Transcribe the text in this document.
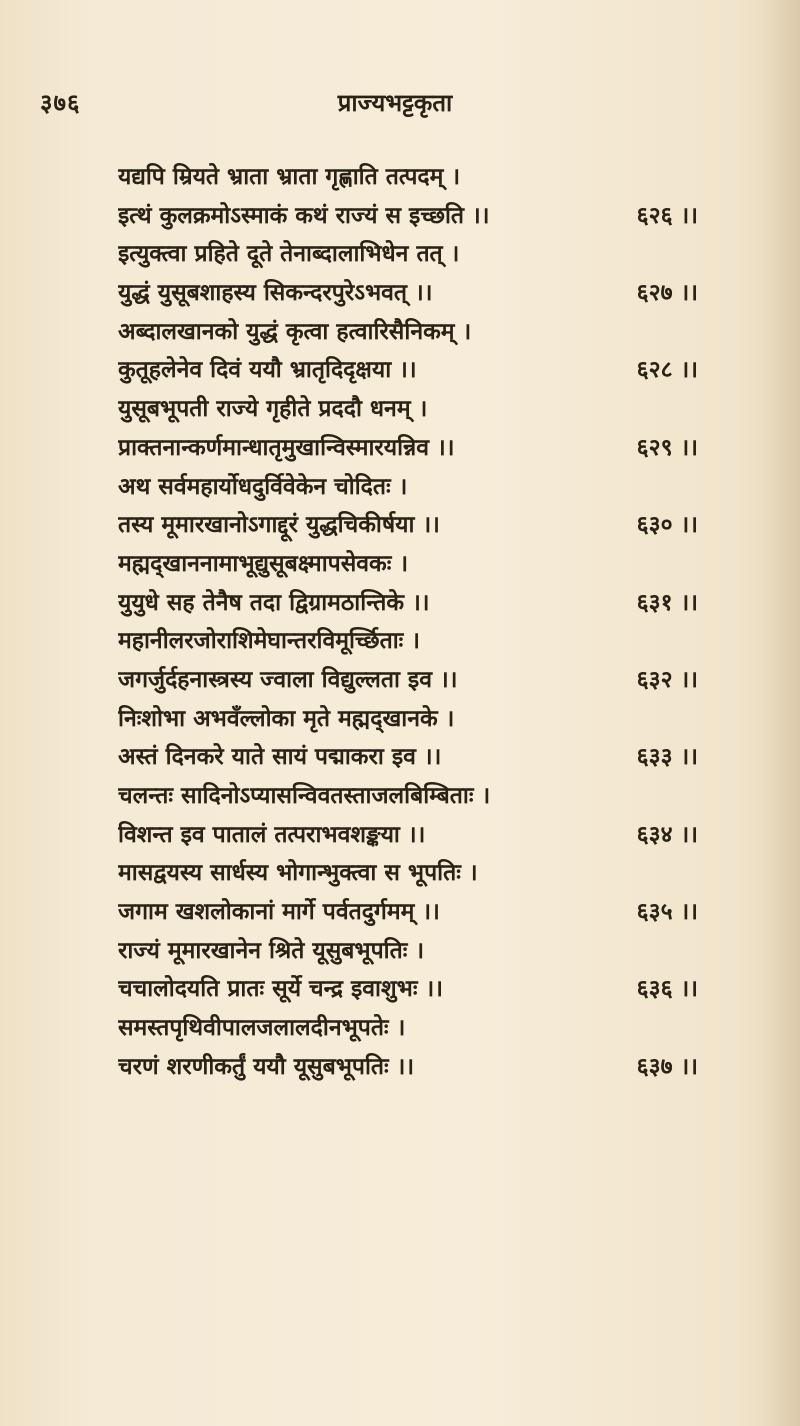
प्राज्यभट्टकृता
३७६
यद्यपि म्रियते भ्राता भ्राता गृह्णाति तत्पदम् ।
इत्थं कुलक्रमोऽस्माकं कथं राज्यं स इच्छति ।।	६२६ ।।
इत्युक्त्वा प्रहिते दूते तेनाब्दालाभिधेन तत् ।
युद्धं युसूबशाहस्य सिकन्दरपुरेऽभवत् ।।	६२७ ।।
अब्दालखानको युद्धं कृत्वा हत्वारिसैनिकम् ।
कुतूहलेनेव दिवं ययौ भ्रातृदिदृक्षया ।।	६२८ ।।
युसूबभूपती राज्ये गृहीते प्रददौ धनम् ।
प्राक्तनान्कर्णमान्धातृमुखान्विस्मारयन्निव ।।	६२९ ।।
अथ सर्वमहार्योधदुर्विवेकेन चोदितः ।
तस्य मूमारखानोऽगाद्दूरं युद्धचिकीर्षया ।।	६३० ।।
मह्मद्खाननामाभूद्युसूबक्ष्मापसेवकः ।
युयुधे सह तेनैष तदा द्विग्रामठान्तिके ।।	६३१ ।।
महानीलरजोराशिमेघान्तरविमूर्च्छिताः ।
जगर्जुर्दहनास्त्रस्य ज्वाला विद्युल्लता इव ।।	६३२ ।।
निःशोभा अभवँल्लोका मृते मह्मद्खानके ।
अस्तं दिनकरे याते सायं पद्माकरा इव ।।	६३३ ।।
चलन्तः सादिनोऽप्यासन्विवतस्ताजलबिम्बिताः ।
विशन्त इव पातालं तत्पराभवशङ्कया ।।	६३४ ।।
मासद्वयस्य सार्धस्य भोगान्भुक्त्वा स भूपतिः ।
जगाम खशलोकानां मार्गे पर्वतदुर्गमम् ।।	६३५ ।।
राज्यं मूमारखानेन श्रिते यूसुबभूपतिः ।
चचालोदयति प्रातः सूर्ये चन्द्र इवाशुभः ।।	६३६ ।।
समस्तपृथिवीपालजलालदीनभूपतेः ।
चरणं शरणीकर्तुं ययौ यूसुबभूपतिः ।।	६३७ ।।
